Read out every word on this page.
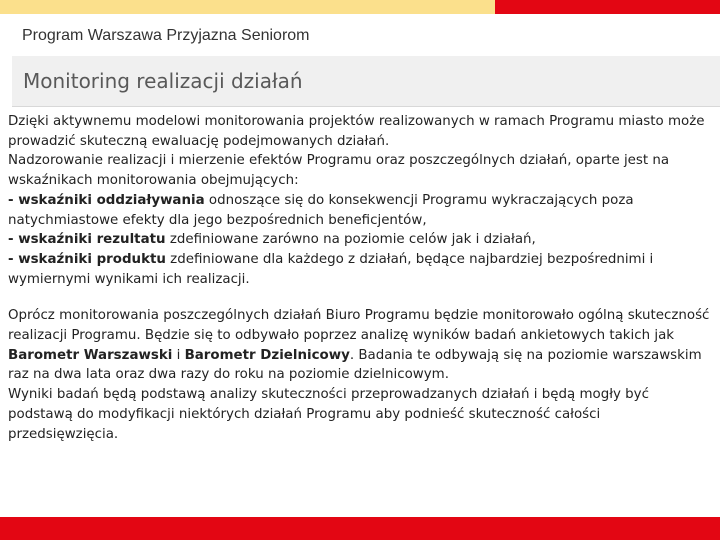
Program Warszawa Przyjazna Seniorom
Monitoring realizacji działań

Dzięki aktywnemu modelowi monitorowania projektów realizowanych w ramach Programu miasto może prowadzić skuteczną ewaluację podejmowanych działań.

Nadzorowanie realizacji i mierzenie efektów Programu oraz poszczególnych działań, oparte jest na wskaźnikach monitorowania obejmujących:

- wskaźniki oddziaływania odnoszące się do konsekwencji Programu wykraczających poza natychmiastowe efekty dla jego bezpośrednich beneficjentów,

- wskaźniki rezultatu zdefiniowane zarówno na poziomie celów jak i działań,

- wskaźniki produktu zdefiniowane dla każdego z działań, będące najbardziej bezpośrednimi i wymiernymi wynikami ich realizacji.

Oprócz monitorowania poszczególnych działań Biuro Programu będzie monitorowało ogólną skuteczność realizacji Programu. Będzie się to odbywało poprzez analizę wyników badań ankietowych takich jak Barometr Warszawski i Barometr Dzielnicowy. Badania te odbywają się na poziomie warszawskim raz na dwa lata oraz dwa razy do roku na poziomie dzielnicowym.

Wyniki badań będą podstawą analizy skuteczności przeprowadzanych działań i będą mogły być podstawą do modyfikacji niektórych działań Programu aby podnieść skuteczność całości przedsięwzięcia.
